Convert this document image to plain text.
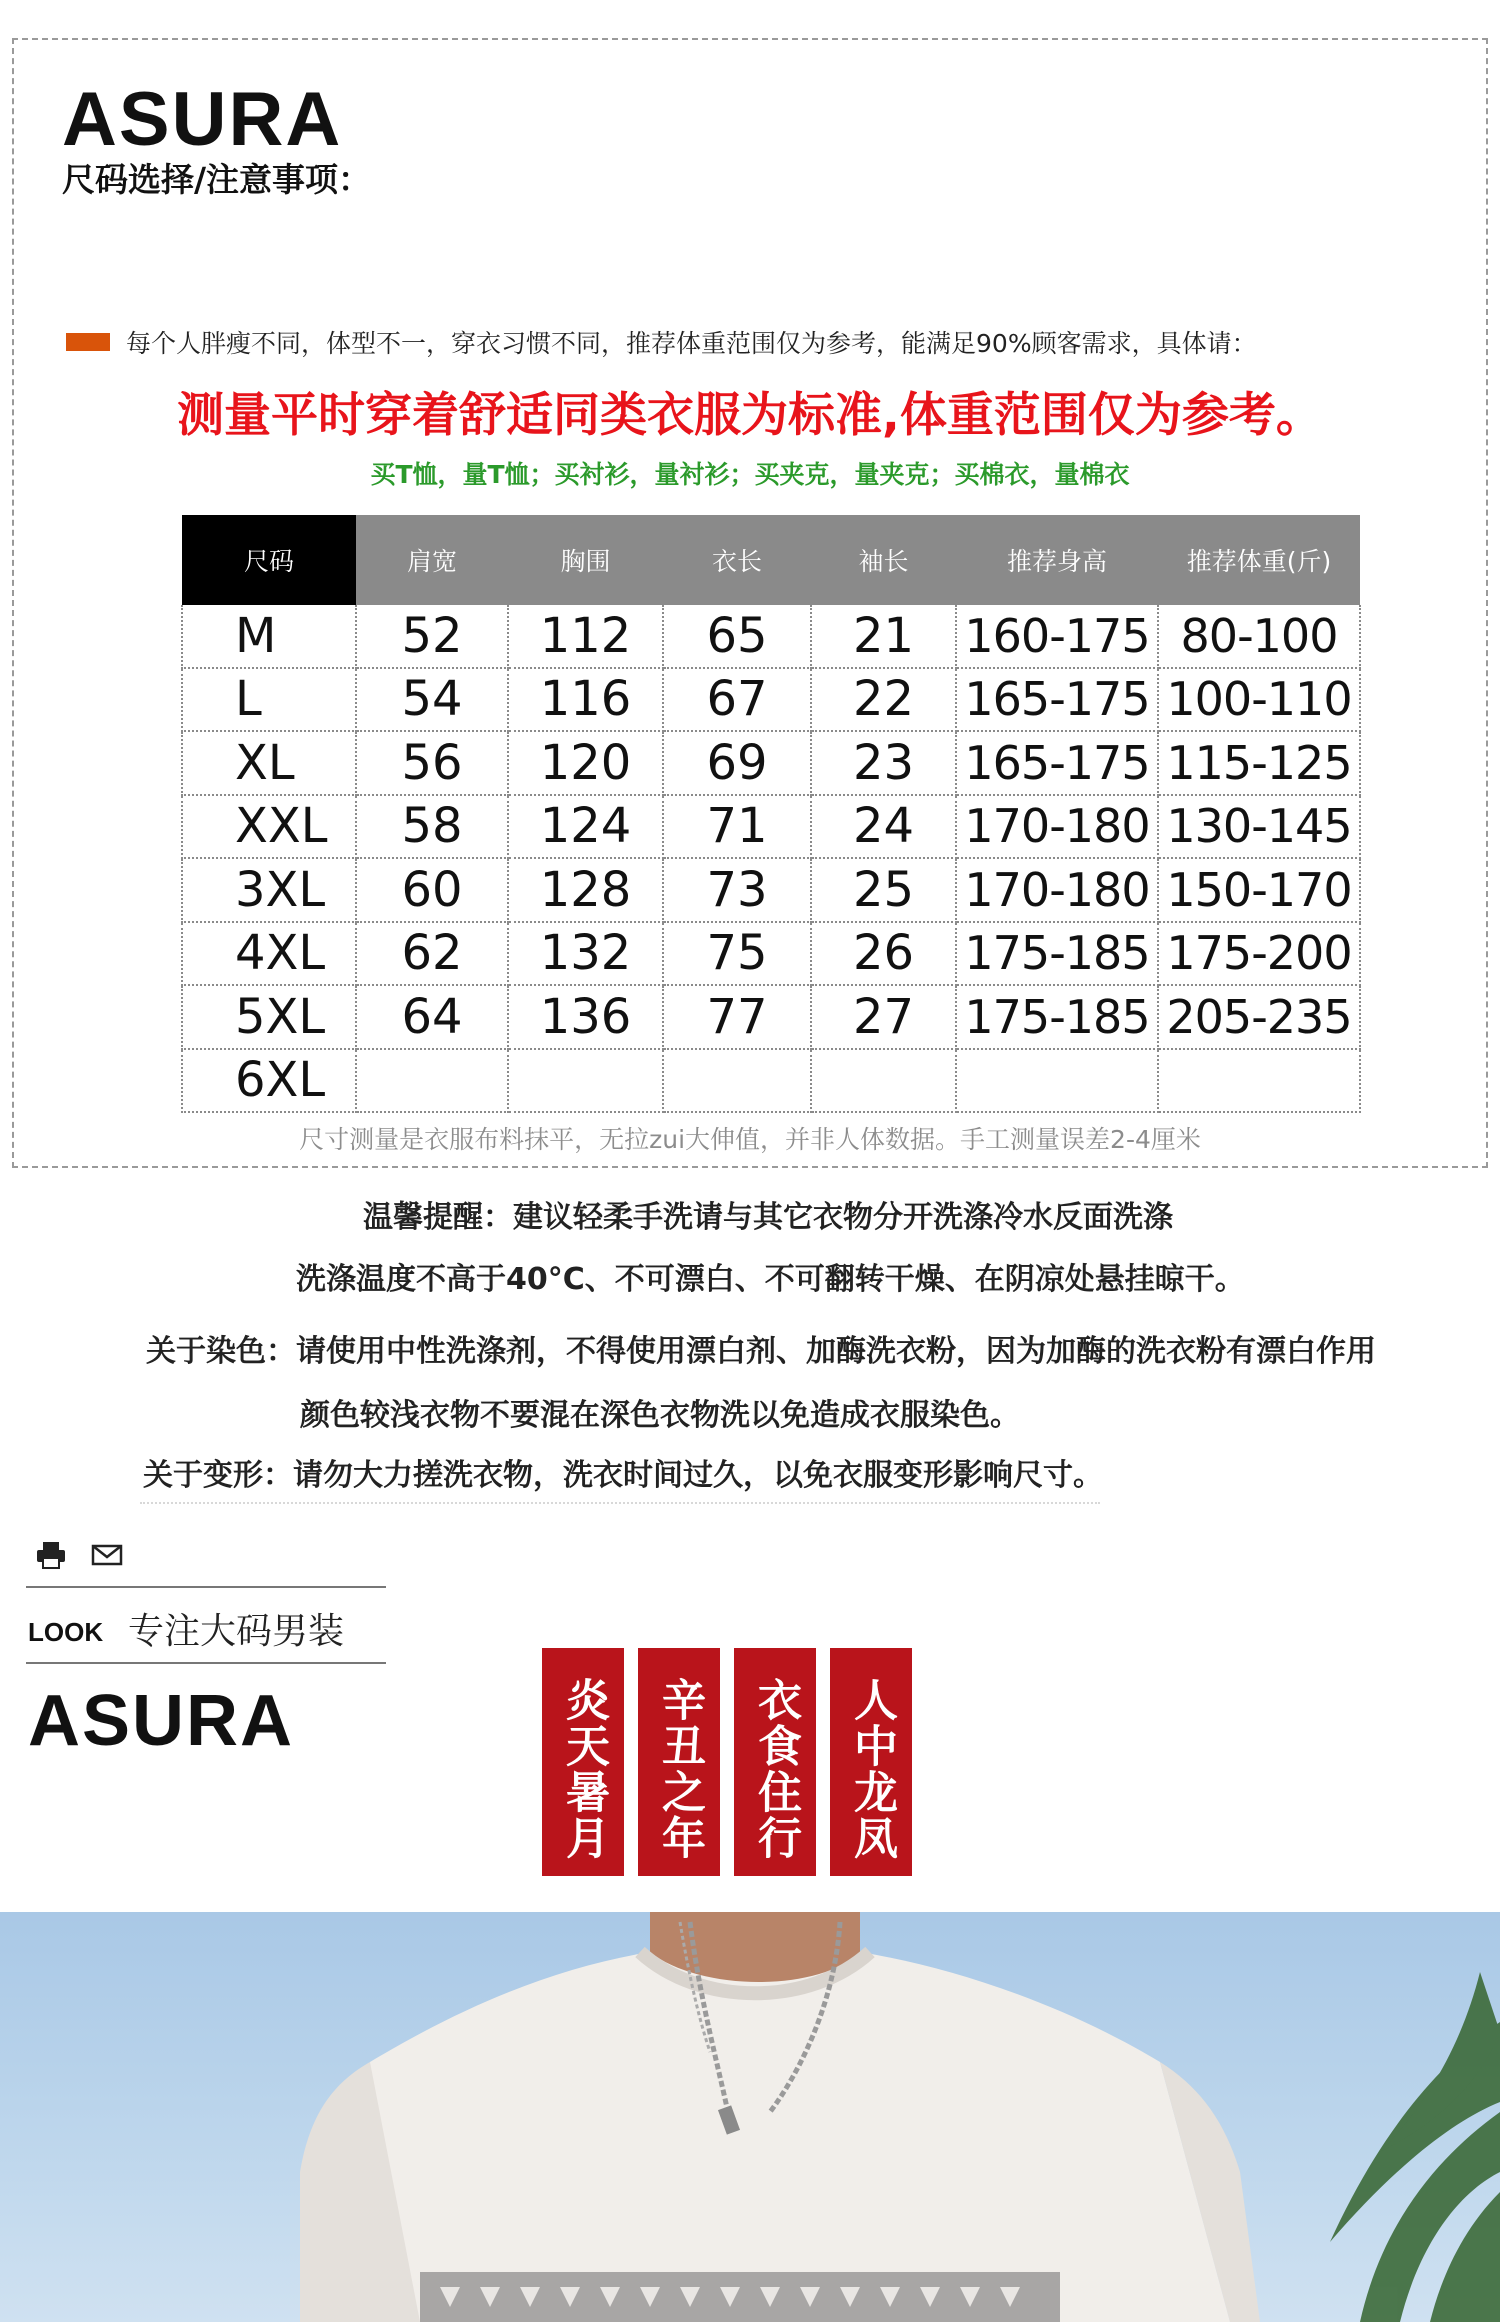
ASURA
尺码选择/注意事项：
每个人胖瘦不同，体型不一，穿衣习惯不同，推荐体重范围仅为参考，能满足90%顾客需求，具体请：
测量平时穿着舒适同类衣服为标准,体重范围仅为参考。
买T恤，量T恤；买衬衫，量衬衫；买夹克，量夹克；买棉衣，量棉衣
尺码	肩宽	胸围	衣长	袖长	推荐身高	推荐体重(斤)
M	52	112	65	21	160-175	80-100
L	54	116	67	22	165-175	100-110
XL	56	120	69	23	165-175	115-125
XXL	58	124	71	24	170-180	130-145
3XL	60	128	73	25	170-180	150-170
4XL	62	132	75	26	175-185	175-200
5XL	64	136	77	27	175-185	205-235
6XL						
尺寸测量是衣服布料抹平，无拉zui大伸值，并非人体数据。手工测量误差2-4厘米
温馨提醒：建议轻柔手洗请与其它衣物分开洗涤冷水反面洗涤
洗涤温度不高于40°C、不可漂白、不可翻转干燥、在阴凉处悬挂晾干。
关于染色：请使用中性洗涤剂，不得使用漂白剂、加酶洗衣粉，因为加酶的洗衣粉有漂白作用
颜色较浅衣物不要混在深色衣物洗以免造成衣服染色。
关于变形：请勿大力搓洗衣物，洗衣时间过久，以免衣服变形影响尺寸。
LOOK 专注大码男装
ASURA	炎天暑月	辛丑之年	衣食住行	人中龙凤
